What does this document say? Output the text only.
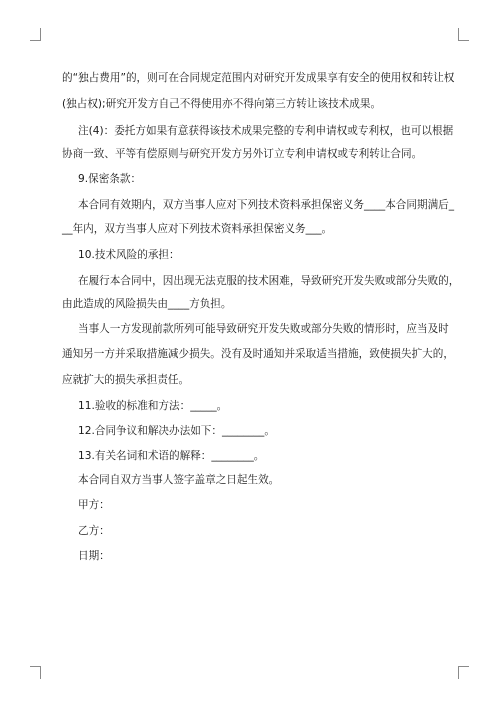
的“独占费用”的，则可在合同规定范围内对研究开发成果享有安全的使用权和转让权
(独占权);研究开发方自己不得使用亦不得向第三方转让该技术成果。
注(4)：委托方如果有意获得该技术成果完整的专利申请权或专利权，也可以根据
协商一致、平等有偿原则与研究开发方另外订立专利申请权或专利转让合同。
9.保密条款：
本合同有效期内，双方当事人应对下列技术资料承担保密义务____本合同期满后_
__年内，双方当事人应对下列技术资料承担保密义务___。
10.技术风险的承担：
在履行本合同中，因出现无法克服的技术困难，导致研究开发失败或部分失败的，
由此造成的风险损失由____方负担。
当事人一方发现前款所列可能导致研究开发失败或部分失败的情形时，应当及时
通知另一方并采取措施减少损失。没有及时通知并采取适当措施，致使损失扩大的，
应就扩大的损失承担责任。
11.验收的标准和方法：_____。
12.合同争议和解决办法如下：________。
13.有关名词和术语的解释：________。
本合同自双方当事人签字盖章之日起生效。
甲方：
乙方：
日期：
